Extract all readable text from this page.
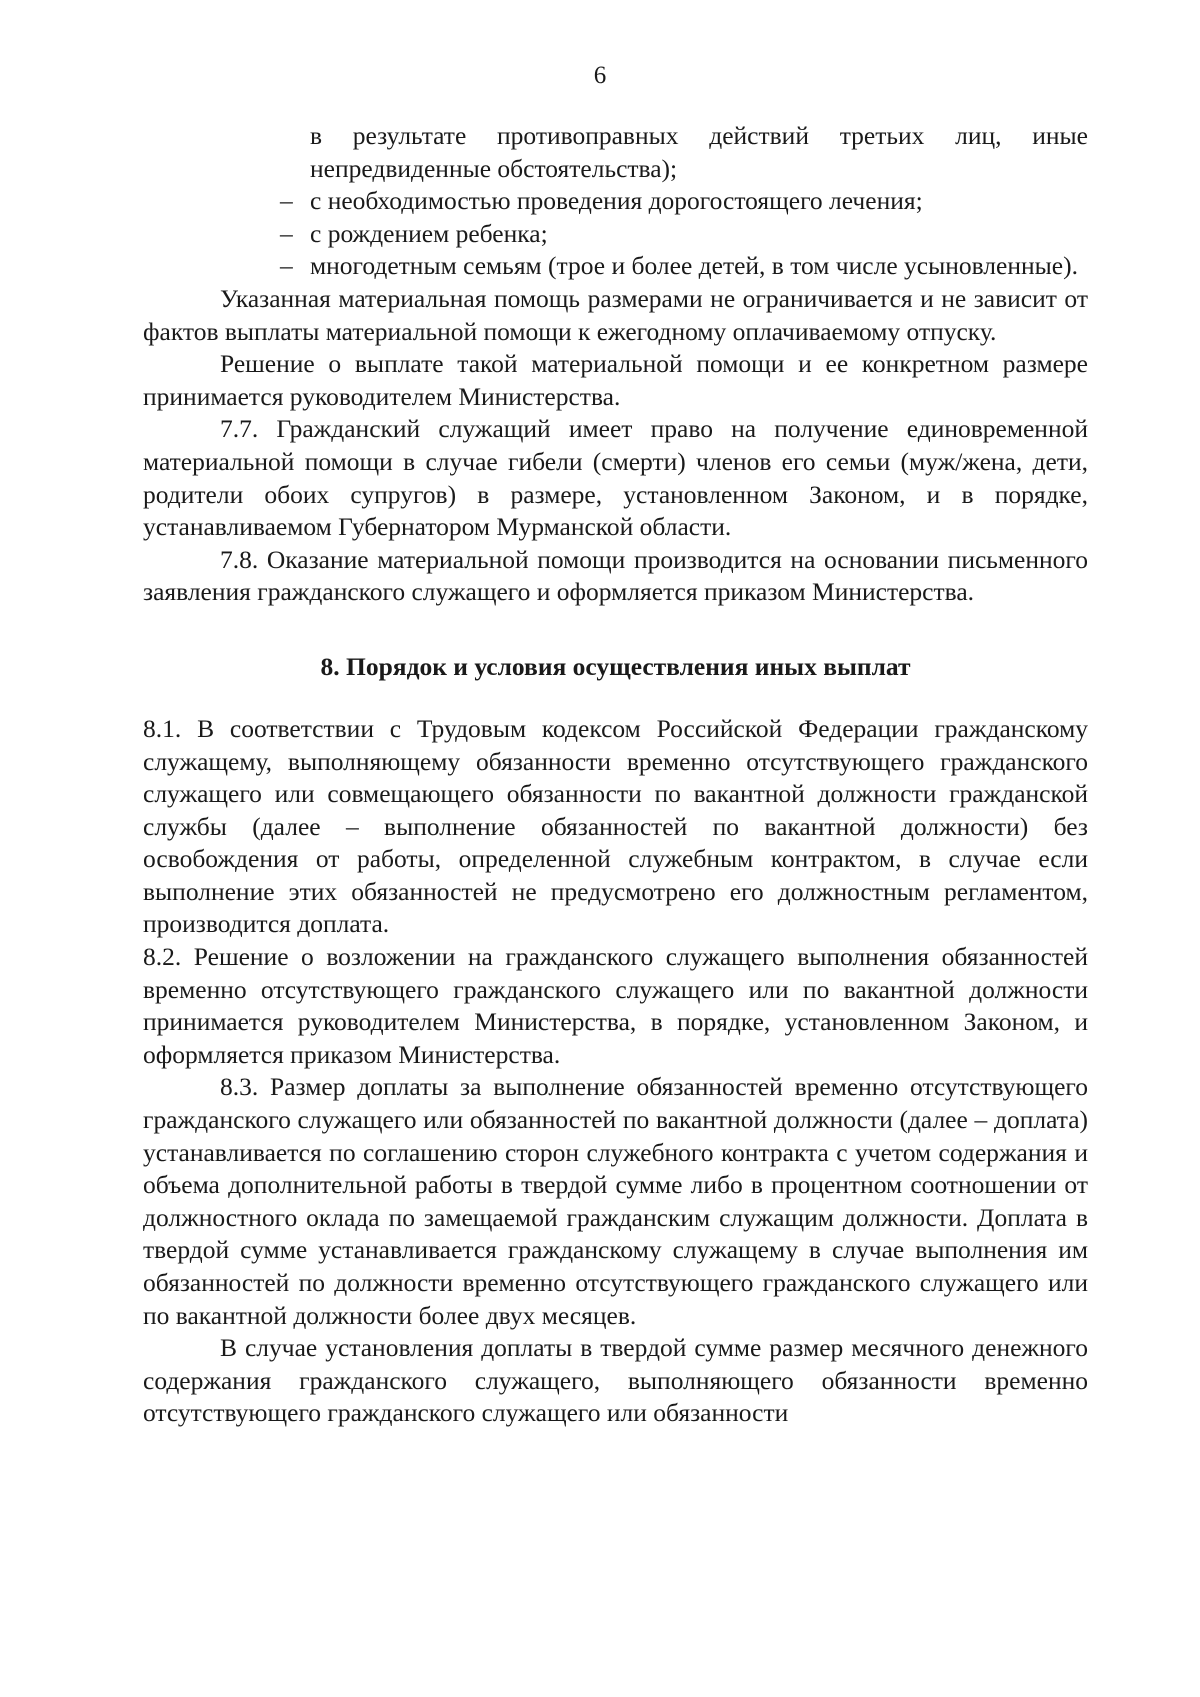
6

в результате противоправных действий третьих лиц, иные непредвиденные обстоятельства);

– с необходимостью проведения дорогостоящего лечения;
– с рождением ребенка;
– многодетным семьям (трое и более детей, в том числе усыновленные).

Указанная материальная помощь размерами не ограничивается и не зависит от фактов выплаты материальной помощи к ежегодному оплачиваемому отпуску.

Решение о выплате такой материальной помощи и ее конкретном размере принимается руководителем Министерства.

7.7. Гражданский служащий имеет право на получение единовременной материальной помощи в случае гибели (смерти) членов его семьи (муж/жена, дети, родители обоих супругов) в размере, установленном Законом, и в порядке, устанавливаемом Губернатором Мурманской области.

7.8. Оказание материальной помощи производится на основании письменного заявления гражданского служащего и оформляется приказом Министерства.

8. Порядок и условия осуществления иных выплат

8.1. В соответствии с Трудовым кодексом Российской Федерации гражданскому служащему, выполняющему обязанности временно отсутствующего гражданского служащего или совмещающего обязанности по вакантной должности гражданской службы (далее – выполнение обязанностей по вакантной должности) без освобождения от работы, определенной служебным контрактом, в случае если выполнение этих обязанностей не предусмотрено его должностным регламентом, производится доплата.

8.2. Решение о возложении на гражданского служащего выполнения обязанностей временно отсутствующего гражданского служащего или по вакантной должности принимается руководителем Министерства, в порядке, установленном Законом, и оформляется приказом Министерства.

8.3. Размер доплаты за выполнение обязанностей временно отсутствующего гражданского служащего или обязанностей по вакантной должности (далее – доплата) устанавливается по соглашению сторон служебного контракта с учетом содержания и объема дополнительной работы в твердой сумме либо в процентном соотношении от должностного оклада по замещаемой гражданским служащим должности. Доплата в твердой сумме устанавливается гражданскому служащему в случае выполнения им обязанностей по должности временно отсутствующего гражданского служащего или по вакантной должности более двух месяцев.

В случае установления доплаты в твердой сумме размер месячного денежного содержания гражданского служащего, выполняющего обязанности временно отсутствующего гражданского служащего или обязанности
